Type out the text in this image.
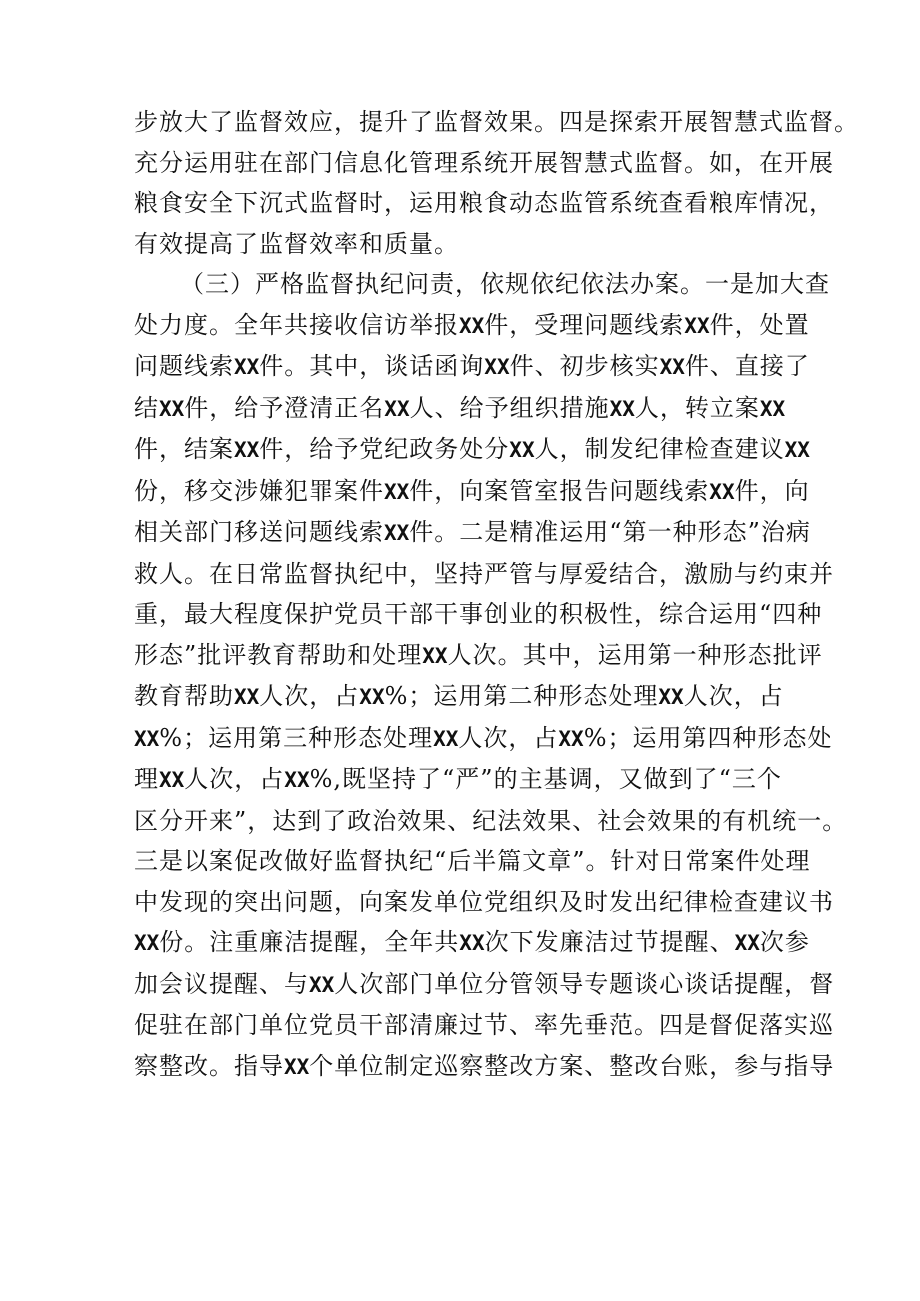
步放大了监督效应，提升了监督效果。四是探索开展智慧式监督。
充分运用驻在部门信息化管理系统开展智慧式监督。如，在开展
粮食安全下沉式监督时，运用粮食动态监管系统查看粮库情况，
有效提高了监督效率和质量。
（三）严格监督执纪问责，依规依纪依法办案。一是加大查
处力度。全年共接收信访举报XX件，受理问题线索XX件，处置
问题线索XX件。其中，谈话函询XX件、初步核实XX件、直接了
结XX件，给予澄清正名XX人、给予组织措施XX人，转立案XX
件，结案XX件，给予党纪政务处分XX人，制发纪律检查建议XX
份，移交涉嫌犯罪案件XX件，向案管室报告问题线索XX件，向
相关部门移送问题线索XX件。二是精准运用“第一种形态”治病
救人。在日常监督执纪中，坚持严管与厚爱结合，激励与约束并
重，最大程度保护党员干部干事创业的积极性，综合运用“四种
形态”批评教育帮助和处理XX人次。其中，运用第一种形态批评
教育帮助XX人次，占XX%；运用第二种形态处理XX人次，占
XX%；运用第三种形态处理XX人次，占XX%；运用第四种形态处
理XX人次，占XX%,既坚持了“严”的主基调，又做到了“三个
区分开来”，达到了政治效果、纪法效果、社会效果的有机统一。
三是以案促改做好监督执纪“后半篇文章”。针对日常案件处理
中发现的突出问题，向案发单位党组织及时发出纪律检查建议书
XX份。注重廉洁提醒，全年共XX次下发廉洁过节提醒、XX次参
加会议提醒、与XX人次部门单位分管领导专题谈心谈话提醒，督
促驻在部门单位党员干部清廉过节、率先垂范。四是督促落实巡
察整改。指导XX个单位制定巡察整改方案、整改台账，参与指导
